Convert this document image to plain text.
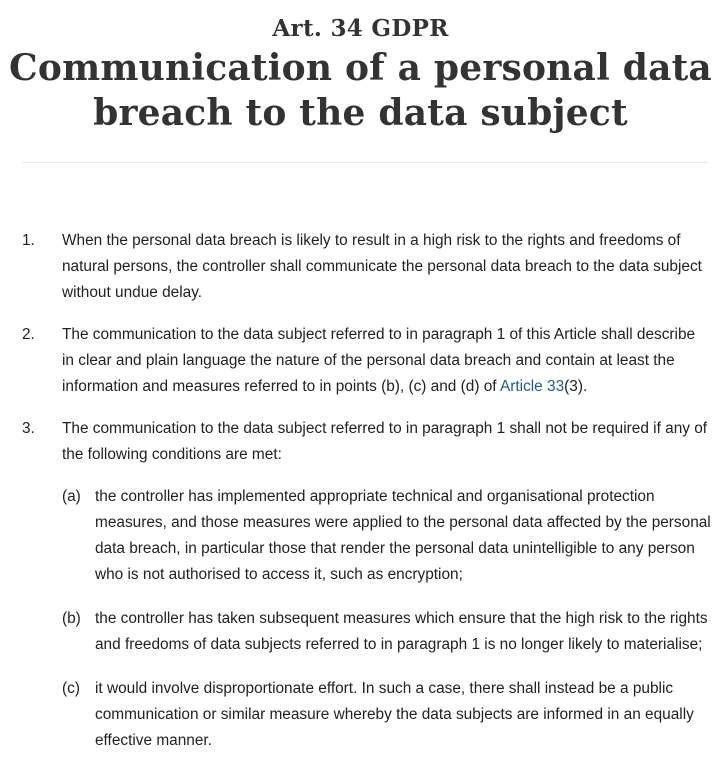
Art. 34 GDPR
Communication of a personal data
breach to the data subject
1. When the personal data breach is likely to result in a high risk to the rights and freedoms of natural persons, the controller shall communicate the personal data breach to the data subject without undue delay.
2. The communication to the data subject referred to in paragraph 1 of this Article shall describe in clear and plain language the nature of the personal data breach and contain at least the information and measures referred to in points (b), (c) and (d) of Article 33(3).
3. The communication to the data subject referred to in paragraph 1 shall not be required if any of the following conditions are met:
(a) the controller has implemented appropriate technical and organisational protection measures, and those measures were applied to the personal data affected by the personal data breach, in particular those that render the personal data unintelligible to any person who is not authorised to access it, such as encryption;
(b) the controller has taken subsequent measures which ensure that the high risk to the rights and freedoms of data subjects referred to in paragraph 1 is no longer likely to materialise;
(c) it would involve disproportionate effort. In such a case, there shall instead be a public communication or similar measure whereby the data subjects are informed in an equally effective manner.
